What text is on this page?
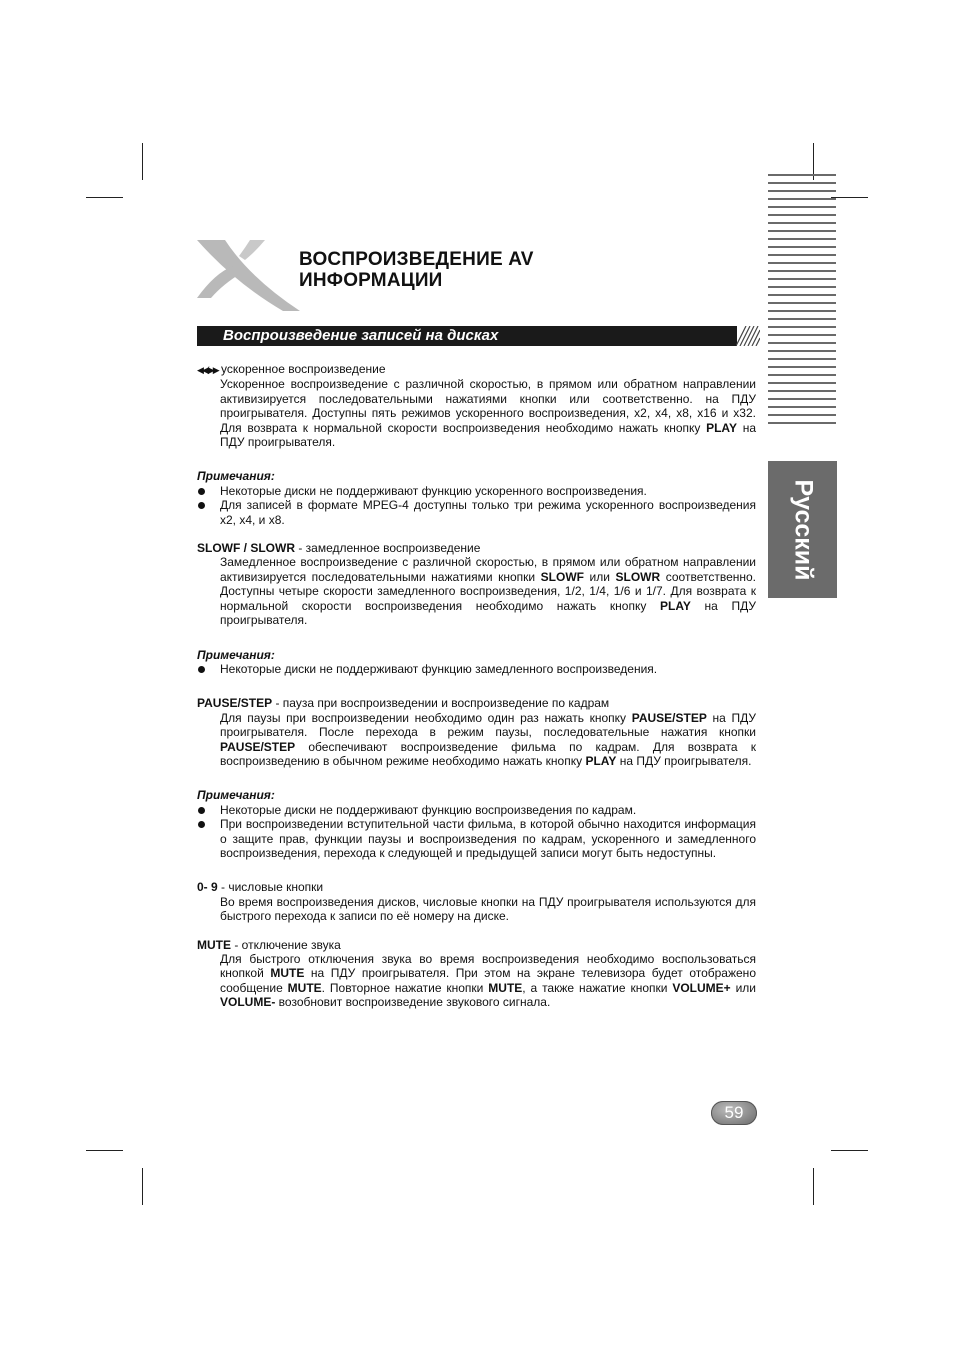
ВОСПРОИЗВЕДЕНИЕ AV
ИНФОРМАЦИИ
Воспроизведение записей на дисках
Русский

◀◀/ ▶▶ ускоренное воспроизведение

Ускоренное воспроизведение с различной скоростью, в прямом или обратном направлении активизируется последовательными нажатиями кнопки или соответственно. на ПДУ проигрывателя. Доступны пять режимов ускоренного воспроизведения, х2, х4, х8, х16 и х32. Для возврата к нормальной скорости воспроизведения необходимо нажать кнопку PLAY на ПДУ проигрывателя.

Примечания:

Некоторые диски не поддерживают функцию ускоренного воспроизведения.
Для записей в формате MPEG-4 доступны только три режима ускоренного воспроизведения х2, х4, и х8.

SLOWF / SLOWR - замедленное воспроизведение

Замедленное воспроизведение с различной скоростью, в прямом или обратном направлении активизируется последовательными нажатиями кнопки SLOWF или SLOWR соответственно. Доступны четыре скорости замедленного воспроизведения, 1/2, 1/4, 1/6 и 1/7. Для возврата к нормальной скорости воспроизведения необходимо нажать кнопку PLAY на ПДУ проигрывателя.

Примечания:

Некоторые диски не поддерживают функцию замедленного воспроизведения.

PAUSE/STEP - пауза при воспроизведении и воспроизведение по кадрам

Для паузы при воспроизведении необходимо один раз нажать кнопку PAUSE/STEP на ПДУ проигрывателя. После перехода в режим паузы, последовательные нажатия кнопки PAUSE/STEP обеспечивают воспроизведение фильма по кадрам. Для возврата к воспроизведению в обычном режиме необходимо нажать кнопку PLAY на ПДУ проигрывателя.

Примечания:

Некоторые диски не поддерживают функцию воспроизведения по кадрам.
При воспроизведении вступительной части фильма, в которой обычно находится информация о защите прав, функции паузы и воспроизведения по кадрам, ускоренного и замедленного воспроизведения, перехода к следующей и предыдущей записи могут быть недоступны.

0- 9 - числовые кнопки

Во время воспроизведения дисков, числовые кнопки на ПДУ проигрывателя используются для быстрого перехода к записи по её номеру на диске.

MUTE - отключение звука

Для быстрого отключения звука во время воспроизведения необходимо воспользоваться кнопкой MUTE на ПДУ проигрывателя. При этом на экране телевизора будет отображено сообщение MUTE. Повторное нажатие кнопки MUTE, а также нажатие кнопки VOLUME+ или VOLUME- возобновит воспроизведение звукового сигнала.

59
